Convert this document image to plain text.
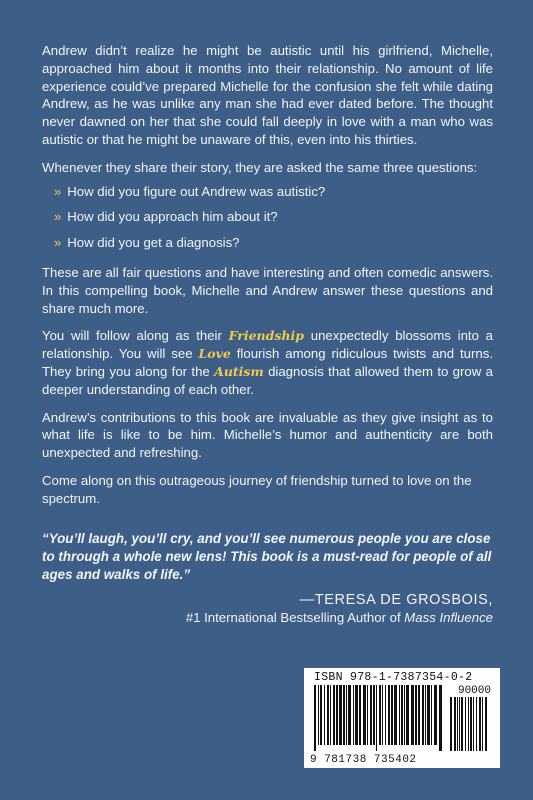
Andrew didn’t realize he might be autistic until his girlfriend, Michelle, approached him about it months into their relationship. No amount of life experience could’ve prepared Michelle for the confusion she felt while dating Andrew, as he was unlike any man she had ever dated before. The thought never dawned on her that she could fall deeply in love with a man who was autistic or that he might be unaware of this, even into his thirties.

Whenever they share their story, they are asked the same three questions:

» How did you figure out Andrew was autistic?
» How did you approach him about it?
» How did you get a diagnosis?

These are all fair questions and have interesting and often comedic answers. In this compelling book, Michelle and Andrew answer these questions and share much more.

You will follow along as their Friendship unexpectedly blossoms into a relationship. You will see Love flourish among ridiculous twists and turns. They bring you along for the Autism diagnosis that allowed them to grow a deeper understanding of each other.

Andrew’s contributions to this book are invaluable as they give insight as to what life is like to be him. Michelle’s humor and authenticity are both unexpected and refreshing.

Come along on this outrageous journey of friendship turned to love on the spectrum.

“You’ll laugh, you’ll cry, and you’ll see numerous people you are close to through a whole new lens! This book is a must-read for people of all ages and walks of life.”

—TERESA DE GROSBOIS,
#1 International Bestselling Author of Mass Influence
ISBN 978-1-7387354-0-2
90000
9 781738 735402
